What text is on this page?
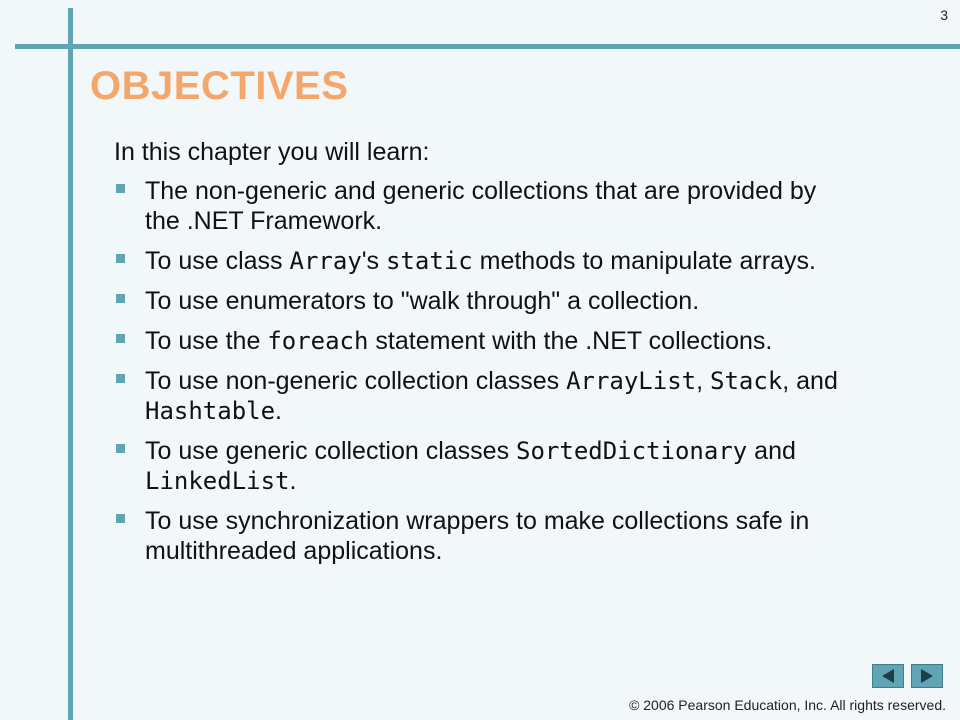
3
OBJECTIVES
In this chapter you will learn:
The non-generic and generic collections that are provided by the .NET Framework.
To use class Array's static methods to manipulate arrays.
To use enumerators to "walk through" a collection.
To use the foreach statement with the .NET collections.
To use non-generic collection classes ArrayList, Stack, and Hashtable.
To use generic collection classes SortedDictionary and LinkedList.
To use synchronization wrappers to make collections safe in multithreaded applications.
© 2006 Pearson Education, Inc. All rights reserved.
